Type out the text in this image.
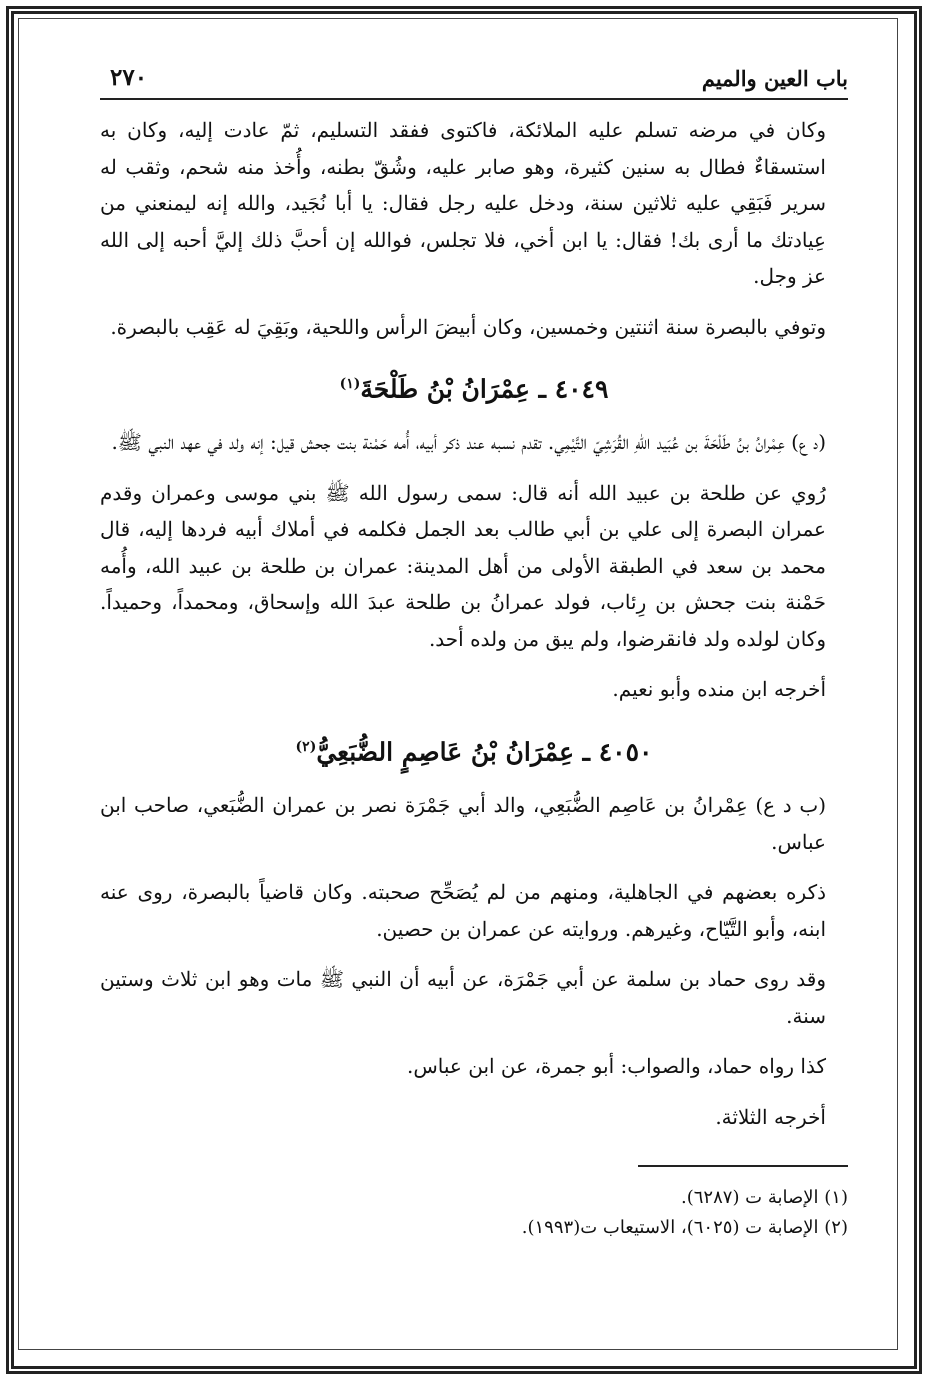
باب العين والميم
٢٧٠

وكان في مرضه تسلم عليه الملائكة، فاكتوى ففقد التسليم، ثمّ عادت إليه، وكان به استسقاءٌ فطال به سنين كثيرة، وهو صابر عليه، وشُقّ بطنه، وأُخذ منه شحم، وثقب له سرير فَبَقِي عليه ثلاثين سنة، ودخل عليه رجل فقال: يا أبا نُجَيد، والله إنه ليمنعني من عِيادتك ما أرى بك! فقال: يا ابن أخي، فلا تجلس، فوالله إن أحبَّ ذلك إليَّ أحبه إلى الله عز وجل.

وتوفي بالبصرة سنة اثنتين وخمسين، وكان أبيضَ الرأس واللحية، وبَقِيَ له عَقِب بالبصرة.

٤٠٤٩ ـ عِمْرَانُ بْنُ طَلْحَةَ$^{(١)}$

(د ع) عِمْرانُ بنُ طَلْحَةَ بن عُبَيد اللهِ القُرَشِيّ التَّيْمِي. تقدم نسبه عند ذكر أبيه، أُمه حَمْنة بنت جحش قيل: إنه ولد في عهد النبي ﷺ.

رُوي عن طلحة بن عبيد الله أنه قال: سمى رسول الله ﷺ بني موسى وعمران وقدم عمران البصرة إلى علي بن أبي طالب بعد الجمل فكلمه في أملاك أبيه فردها إليه، قال محمد بن سعد في الطبقة الأولى من أهل المدينة: عمران بن طلحة بن عبيد الله، وأُمه حَمْنة بنت جحش بن رِئاب، فولد عمرانُ بن طلحة عبدَ الله وإسحاق، ومحمداً، وحميداً. وكان لولده ولد فانقرضوا، ولم يبق من ولده أحد.

أخرجه ابن منده وأبو نعيم.

٤٠٥٠ ـ عِمْرَانُ بْنُ عَاصِمٍ الضُّبَعِيُّ$^{(٢)}$

(ب د ع) عِمْرانُ بن عَاصِم الضُّبَعِي، والد أبي جَمْرَة نصر بن عمران الضُّبَعي، صاحب ابن عباس.

ذكره بعضهم في الجاهلية، ومنهم من لم يُصَحِّح صحبته. وكان قاضياً بالبصرة، روى عنه ابنه، وأبو التَّيّاح، وغيرهم. وروايته عن عمران بن حصين.

وقد روى حماد بن سلمة عن أبي جَمْرَة، عن أبيه أن النبي ﷺ مات وهو ابن ثلاث وستين سنة.

كذا رواه حماد، والصواب: أبو جمرة، عن ابن عباس.

أخرجه الثلاثة.

(١) الإصابة ت (٦٢٨٧).

(٢) الإصابة ت (٦٠٢٥)، الاستيعاب ت(١٩٩٣).
